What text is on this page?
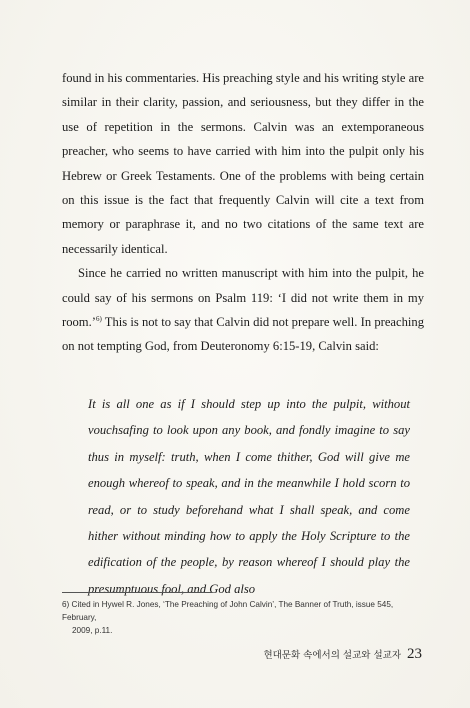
found in his commentaries. His preaching style and his writing style are similar in their clarity, passion, and seriousness, but they differ in the use of repetition in the sermons. Calvin was an extemporaneous preacher, who seems to have carried with him into the pulpit only his Hebrew or Greek Testaments. One of the problems with being certain on this issue is the fact that frequently Calvin will cite a text from memory or paraphrase it, and no two citations of the same text are necessarily identical.

Since he carried no written manuscript with him into the pulpit, he could say of his sermons on Psalm 119: ‘I did not write them in my room.’$^{6)}$ This is not to say that Calvin did not prepare well. In preaching on not tempting God, from Deuteronomy 6:15-19, Calvin said:

It is all one as if I should step up into the pulpit, without vouchsafing to look upon any book, and fondly imagine to say thus in myself: truth, when I come thither, God will give me enough whereof to speak, and in the meanwhile I hold scorn to read, or to study beforehand what I shall speak, and come hither without minding how to apply the Holy Scripture to the edification of the people, by reason whereof I should play the presumptuous fool, and God also
6) Cited in Hywel R. Jones, ‘The Preaching of John Calvin’, The Banner of Truth, issue 545, February,
2009, p.11.
현대문화 속에서의 설교와 설교자 23
